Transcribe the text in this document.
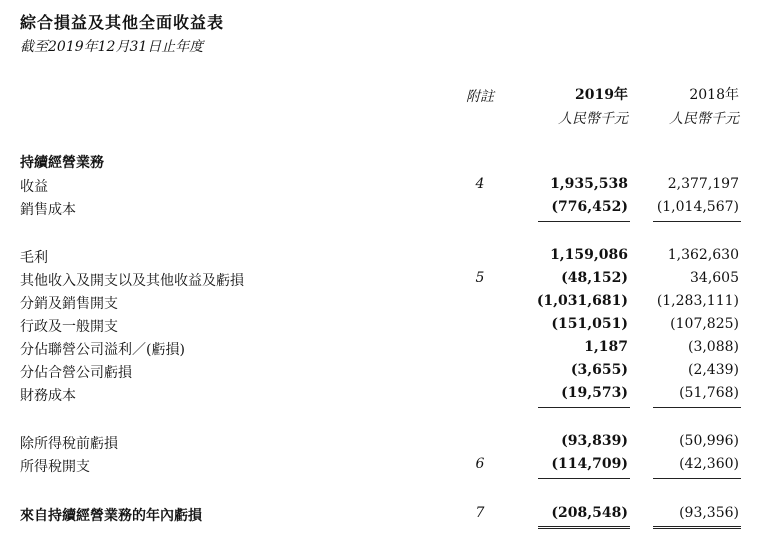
綜合損益及其他全面收益表
截至2019年12月31日止年度
附註	2019年	2018年
人民幣千元	人民幣千元
持續經營業務
收益	4	1,935,538	2,377,197
銷售成本	(776,452) (1,014,567)
毛利	1,159,086	1,362,630
其他收入及開支以及其他收益及虧損	5	(48,152)	34,605
分銷及銷售開支	(1,031,681) (1,283,111)
行政及一般開支	(151,051)	(107,825)
分佔聯營公司溢利／(虧損)	1,187	(3,088)
分佔合營公司虧損	(3,655)	(2,439)
財務成本	(19,573)	(51,768)
除所得稅前虧損	(93,839)	(50,996)
所得稅開支	6	(114,709)	(42,360)
來自持續經營業務的年內虧損	7	(208,548)	(93,356)
